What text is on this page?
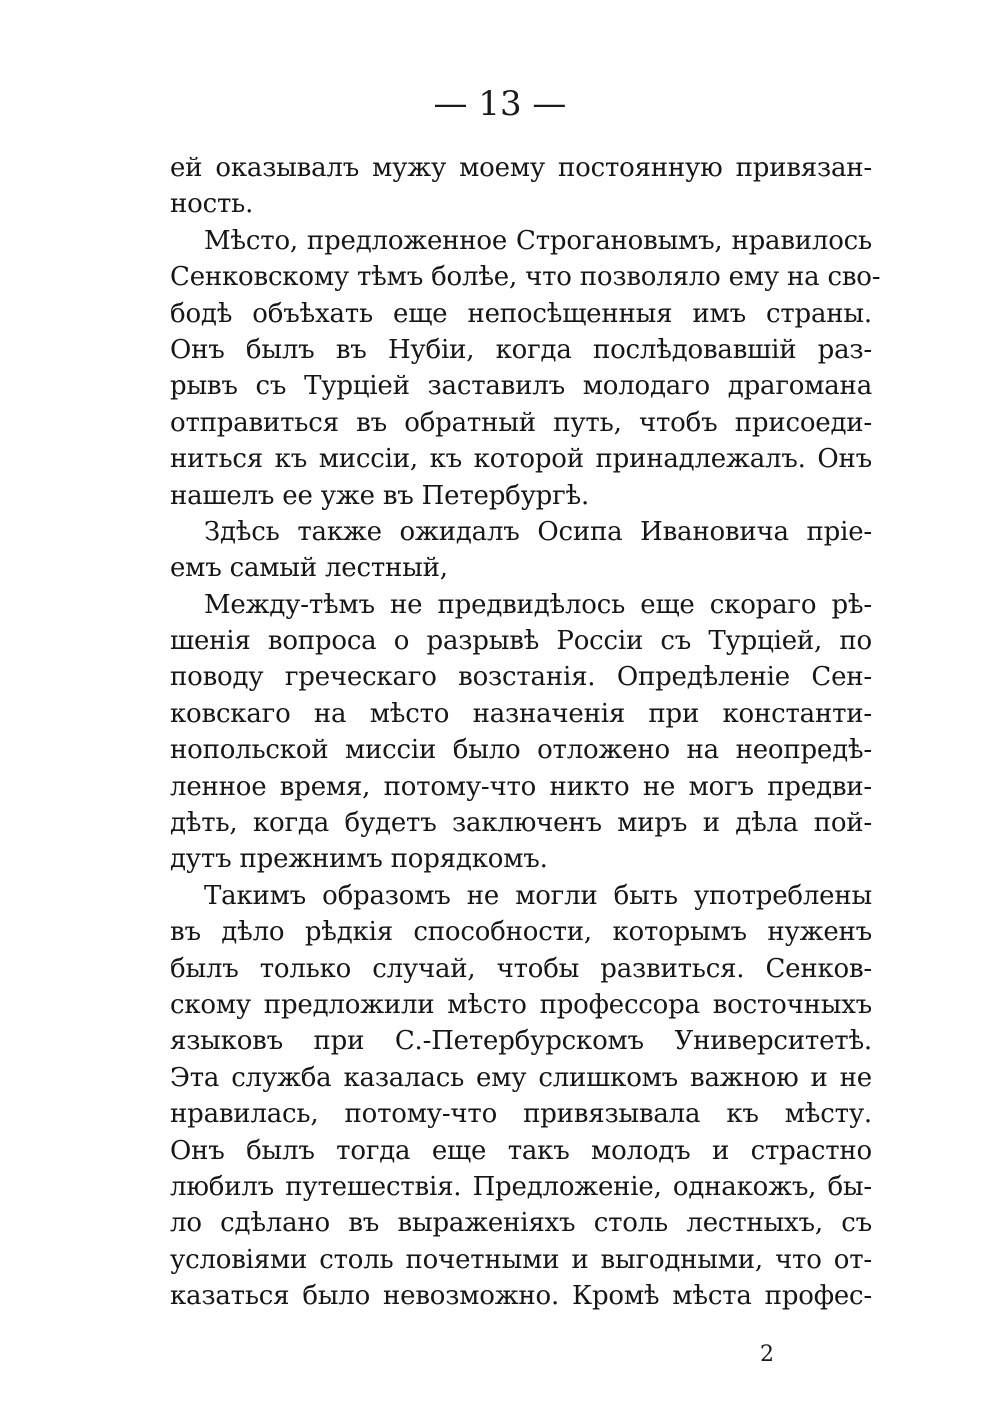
— 13 —
ей оказывалъ мужу моему постоянную привязан-
ность.
Мѣсто, предложенное Строгановымъ, нравилось
Сенковскому тѣмъ болѣе, что позволяло ему на сво-
бодѣ объѣхать еще непосѣщенныя имъ страны.
Онъ былъ въ Нубіи, когда послѣдовавшій раз-
рывъ съ Турціей заставилъ молодаго драгомана
отправиться въ обратный путь, чтобъ присоеди-
ниться къ миссіи, къ которой принадлежалъ. Онъ
нашелъ ее уже въ Петербургѣ.
Здѣсь также ожидалъ Осипа Ивановича пріе-
емъ самый лестный,
Между-тѣмъ не предвидѣлось еще скораго рѣ-
шенія вопроса о разрывѣ Россіи съ Турціей, по
поводу греческаго возстанія. Опредѣленіе Сен-
ковскаго на мѣсто назначенія при константи-
нопольской миссіи было отложено на неопредѣ-
ленное время, потому-что никто не могъ предви-
дѣть, когда будетъ заключенъ миръ и дѣла пой-
дутъ прежнимъ порядкомъ.
Такимъ образомъ не могли быть употреблены
въ дѣло рѣдкія способности, которымъ нуженъ
былъ только случай, чтобы развиться. Сенков-
скому предложили мѣсто профессора восточныхъ
языковъ при С.-Петербурскомъ Университетѣ.
Эта служба казалась ему слишкомъ важною и не
нравилась, потому-что привязывала къ мѣсту.
Онъ былъ тогда еще такъ молодъ и страстно
любилъ путешествія. Предложеніе, однакожъ, бы-
ло сдѣлано въ выраженіяхъ столь лестныхъ, съ
условіями столь почетными и выгодными, что от-
казаться было невозможно. Кромѣ мѣста профес-
2
